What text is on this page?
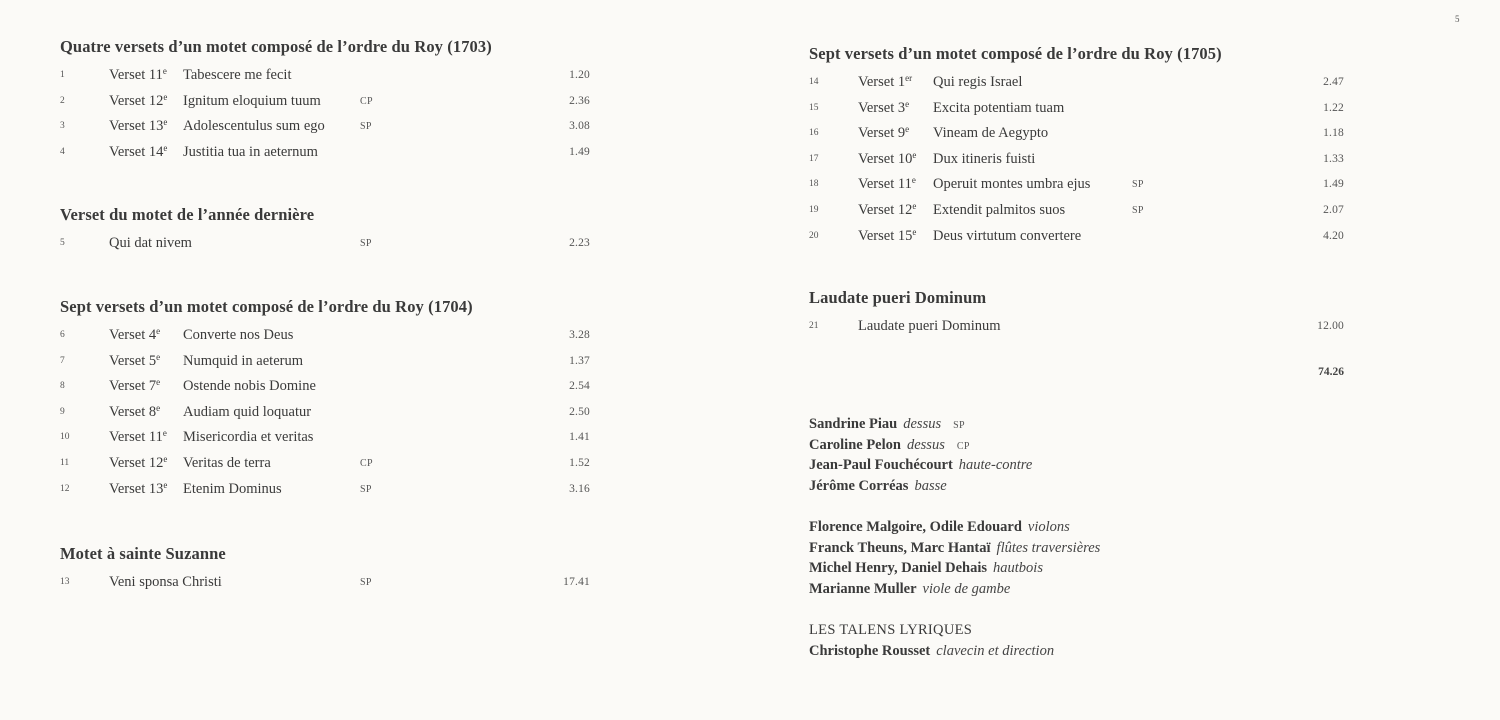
5
Quatre versets d’un motet composé de l’ordre du Roy (1703)
1	Verset 11e Tabescere me fecit	1.20
2	Verset 12e Ignitum eloquium tuum	CP	2.36
3	Verset 13e Adolescentulus sum ego	SP	3.08
4	Verset 14e Justitia tua in aeternum	1.49
Verset du motet de l’année dernière
5	Qui dat nivem	SP	2.23
Sept versets d’un motet composé de l’ordre du Roy (1704)
6	Verset 4e Converte nos Deus	3.28
7	Verset 5e Numquid in aeterum	1.37
8	Verset 7e Ostende nobis Domine	2.54
9	Verset 8e Audiam quid loquatur	2.50
10	Verset 11e Misericordia et veritas	1.41
11	Verset 12e Veritas de terra	CP	1.52
12	Verset 13e Etenim Dominus	SP	3.16
Motet à sainte Suzanne
13	Veni sponsa Christi	SP	17.41
Sept versets d’un motet composé de l’ordre du Roy (1705)
14	Verset 1er Qui regis Israel	2.47
15	Verset 3e Excita potentiam tuam	1.22
16	Verset 9e Vineam de Aegypto	1.18
17	Verset 10e Dux itineris fuisti	1.33
18	Verset 11e Operuit montes umbra ejus	SP	1.49
19	Verset 12e Extendit palmitos suos	SP	2.07
20	Verset 15e Deus virtutum convertere	4.20
Laudate pueri Dominum
21	Laudate pueri Dominum	12.00
74.26
Sandrine Piau dessus SP
Caroline Pelon dessus CP
Jean-Paul Fouchécourt haute-contre
Jérôme Corréas basse
Florence Malgoire, Odile Edouard violons
Franck Theuns, Marc Hantaï flûtes traversières
Michel Henry, Daniel Dehais hautbois
Marianne Muller viole de gambe
LES TALENS LYRIQUES
Christophe Rousset clavecin et direction
